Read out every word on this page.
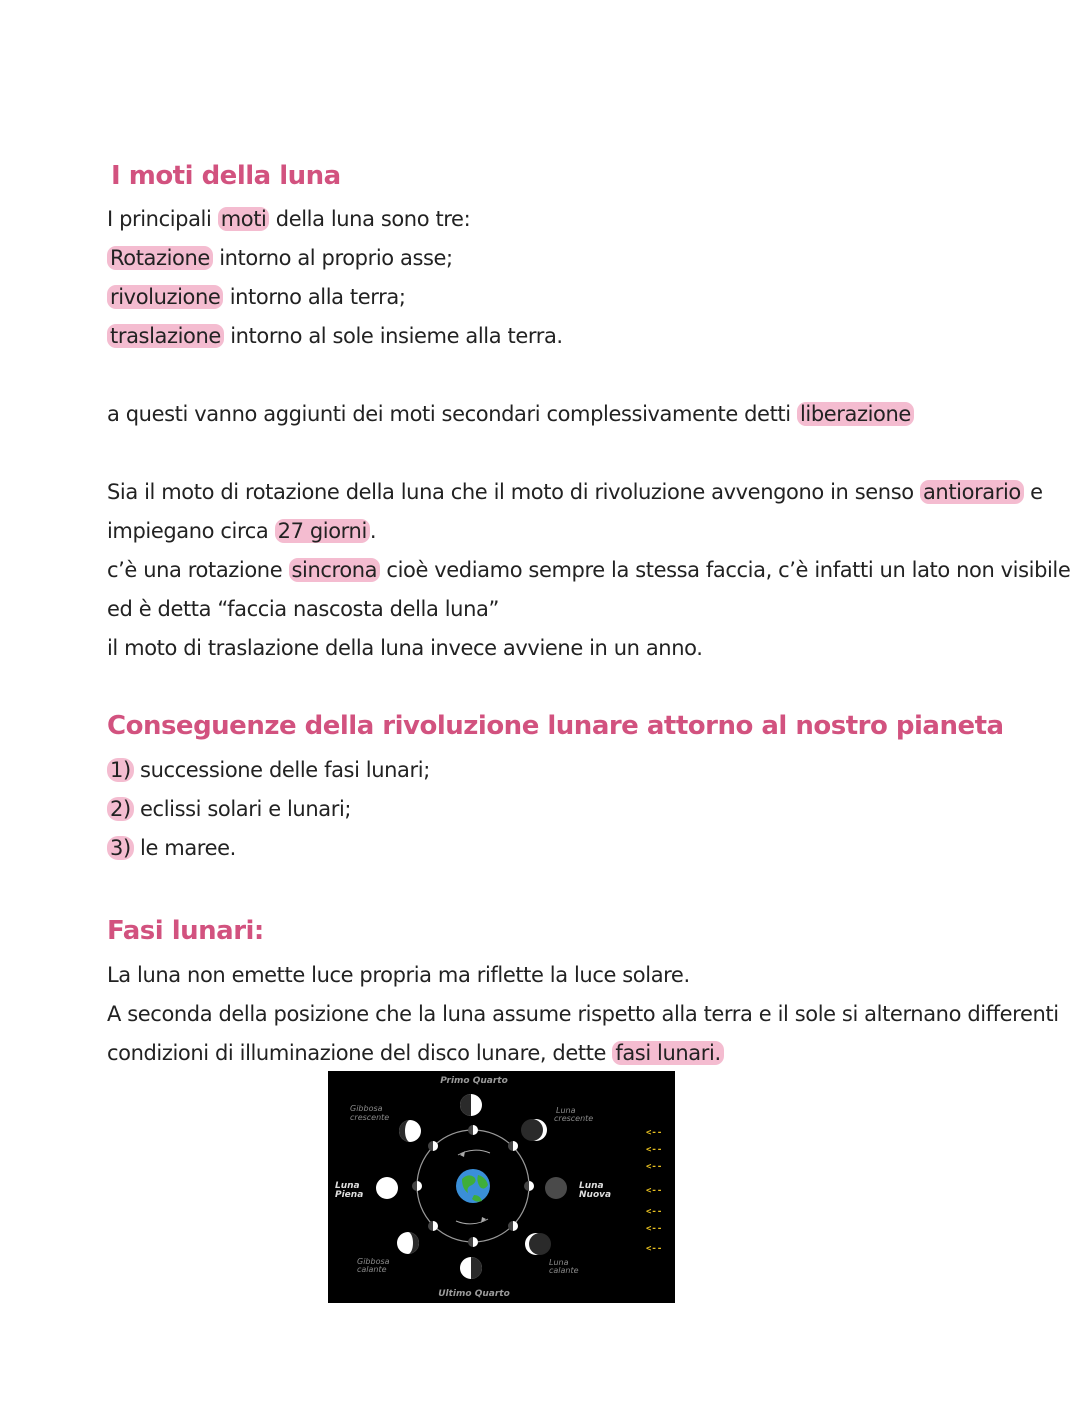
I moti della luna

I principali moti della luna sono tre:

Rotazione intorno al proprio asse;

rivoluzione intorno alla terra;

traslazione intorno al sole insieme alla terra.

a questi vanno aggiunti dei moti secondari complessivamente detti liberazione

Sia il moto di rotazione della luna che il moto di rivoluzione avvengono in senso antiorario e

impiegano circa 27 giorni .

c’è una rotazione sincrona cioè vediamo sempre la stessa faccia, c’è infatti un lato non visibile

ed è detta “faccia nascosta della luna”

il moto di traslazione della luna invece avviene in un anno.

Conseguenze della rivoluzione lunare attorno al nostro pianeta

1) successione delle fasi lunari;

2) eclissi solari e lunari;

3) le maree.

Fasi lunari:

La luna non emette luce propria ma riflette la luce solare.

A seconda della posizione che la luna assume rispetto alla terra e il sole si alternano differenti

condizioni di illuminazione del disco lunare, dette fasi lunari.

Primo Quarto
Ultimo Quarto
Gibbosa
crescente
Luna
crescente
Luna
Piena
Luna
Nuova
Gibbosa
calante
Luna
calante
<--
<--
<--
<--
<--
<--
<--
